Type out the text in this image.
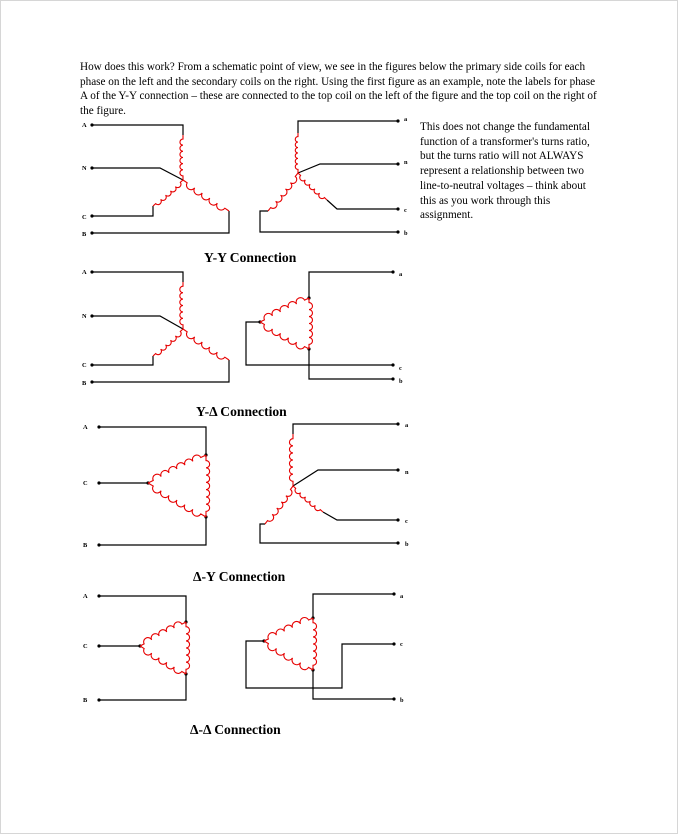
How does this work? From a schematic point of view, we see in the figures below the primary side coils for each phase on the left and the secondary coils on the right. Using the first figure as an example, note the labels for phase A of the Y-Y connection – these are connected to the top coil on the left of the figure and the top coil on the right of the figure.
This does not change the fundamental function of a transformer's turns ratio, but the turns ratio will not ALWAYS represent a relationship between two line-to-neutral voltages – think about this as you work through this assignment.
Y-Y Connection
Y-Δ Connection
Δ-Y Connection
Δ-Δ Connection
A
N
C
B
a
n
c
b
A
N
C
B
a
c
b
A
C
B
a
n
c
b
A
C
B
a
c
b
